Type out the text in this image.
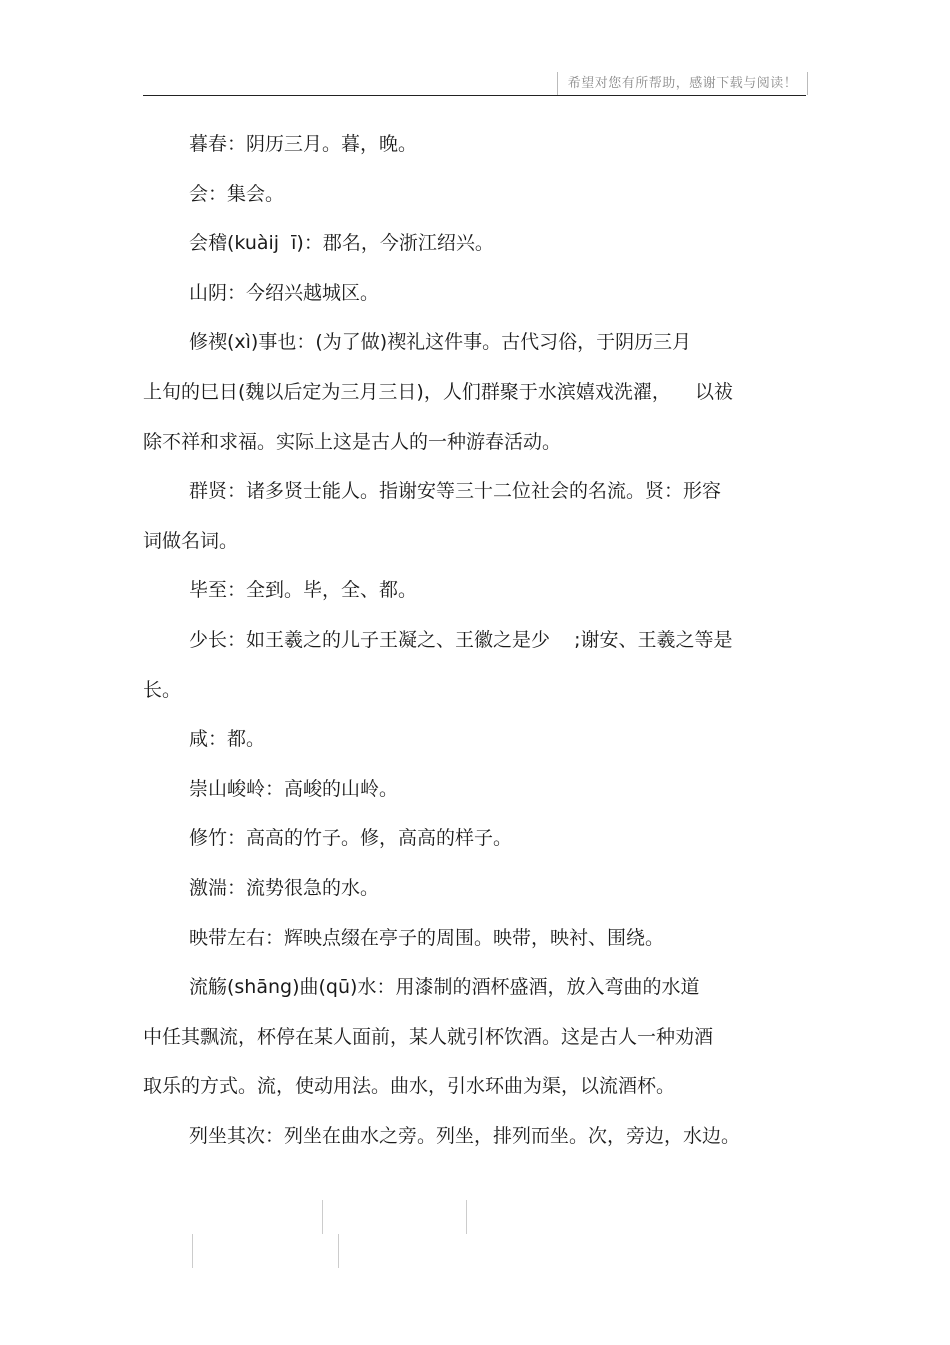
希望对您有所帮助，感谢下载与阅读！

暮春：阴历三月。暮，晚。

会：集会。

会稽(kuàij  ī)：郡名，今浙江绍兴。

山阴：今绍兴越城区。

修禊(xì)事也：(为了做)禊礼这件事。古代习俗，于阴历三月
上旬的巳日(魏以后定为三月三日)，人们群聚于水滨嬉戏洗濯，    以祓
除不祥和求福。实际上这是古人的一种游春活动。

群贤：诸多贤士能人。指谢安等三十二位社会的名流。贤：形容
词做名词。

毕至：全到。毕，全、都。

少长：如王羲之的儿子王凝之、王徽之是少    ;谢安、王羲之等是
长。

咸：都。

崇山峻岭：高峻的山岭。

修竹：高高的竹子。修，高高的样子。

激湍：流势很急的水。

映带左右：辉映点缀在亭子的周围。映带，映衬、围绕。

流觞(shāng)曲(qū)水：用漆制的酒杯盛酒，放入弯曲的水道
中任其飘流，杯停在某人面前，某人就引杯饮酒。这是古人一种劝酒
取乐的方式。流，使动用法。曲水，引水环曲为渠，以流酒杯。

列坐其次：列坐在曲水之旁。列坐，排列而坐。次，旁边，水边。
